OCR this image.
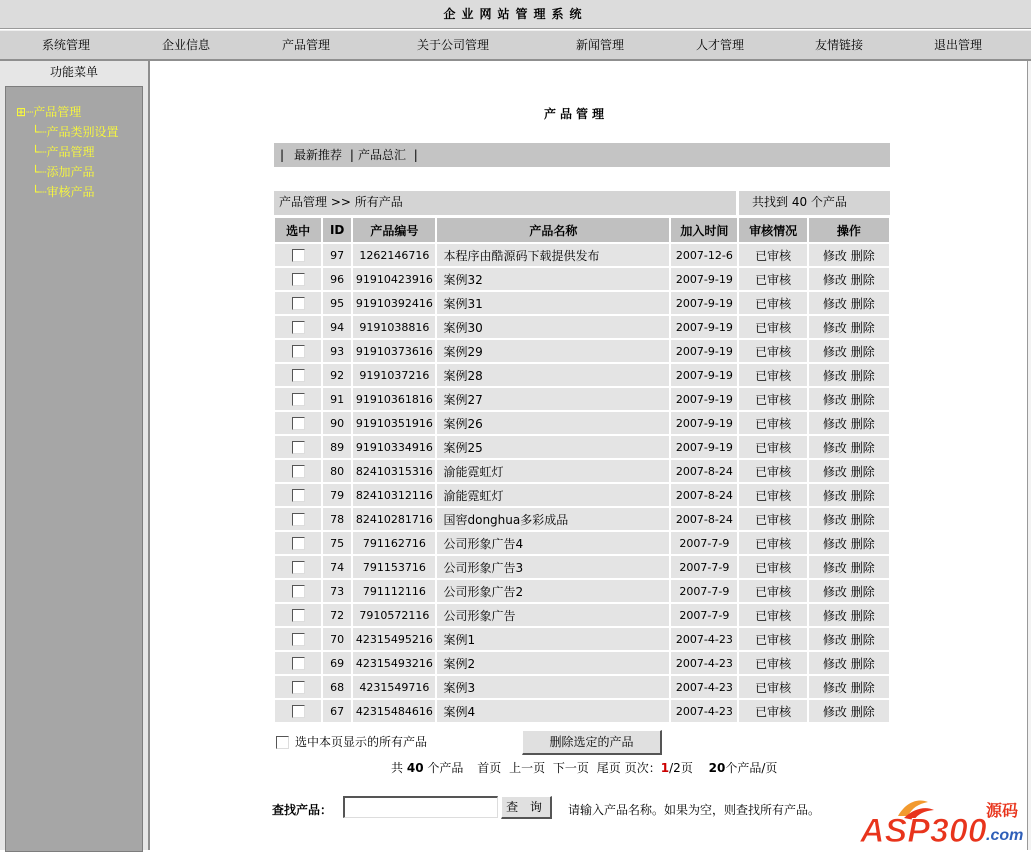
企业网站管理系统
系统管理	企业信息	产品管理	关于公司管理	新闻管理	人才管理	友情链接	退出管理
功能菜单
⊞┈产品管理
└┈产品类别设置
└┈产品管理
└┈添加产品
└┈审核产品
产品管理
| 最新推荐 | 产品总汇 |
产品管理 >> 所有产品	共找到 40 个产品
选中	ID	产品编号	产品名称	加入时间	审核情况	操作
	97	1262146716	本程序由酷源码下载提供发布	2007-12-6	已审核	修改 删除
	96	91910423916	案例32	2007-9-19	已审核	修改 删除
	95	91910392416	案例31	2007-9-19	已审核	修改 删除
	94	9191038816	案例30	2007-9-19	已审核	修改 删除
	93	91910373616	案例29	2007-9-19	已审核	修改 删除
	92	9191037216	案例28	2007-9-19	已审核	修改 删除
	91	91910361816	案例27	2007-9-19	已审核	修改 删除
	90	91910351916	案例26	2007-9-19	已审核	修改 删除
	89	91910334916	案例25	2007-9-19	已审核	修改 删除
	80	82410315316	渝能霓虹灯	2007-8-24	已审核	修改 删除
	79	82410312116	渝能霓虹灯	2007-8-24	已审核	修改 删除
	78	82410281716	国窖donghua多彩成品	2007-8-24	已审核	修改 删除
	75	791162716	公司形象广告4	2007-7-9	已审核	修改 删除
	74	791153716	公司形象广告3	2007-7-9	已审核	修改 删除
	73	791112116	公司形象广告2	2007-7-9	已审核	修改 删除
	72	7910572116	公司形象广告	2007-7-9	已审核	修改 删除
	70	42315495216	案例1	2007-4-23	已审核	修改 删除
	69	42315493216	案例2	2007-4-23	已审核	修改 删除
	68	4231549716	案例3	2007-4-23	已审核	修改 删除
	67	42315484616	案例4	2007-4-23	已审核	修改 删除
选中本页显示的所有产品	删除选定的产品
共 40 个产品 首页 上一页 下一页 尾页 页次：1/2页 20个产品/页
查找产品：	查 询	请输入产品名称。如果为空，则查找所有产品。
ASP300
源码
.com
